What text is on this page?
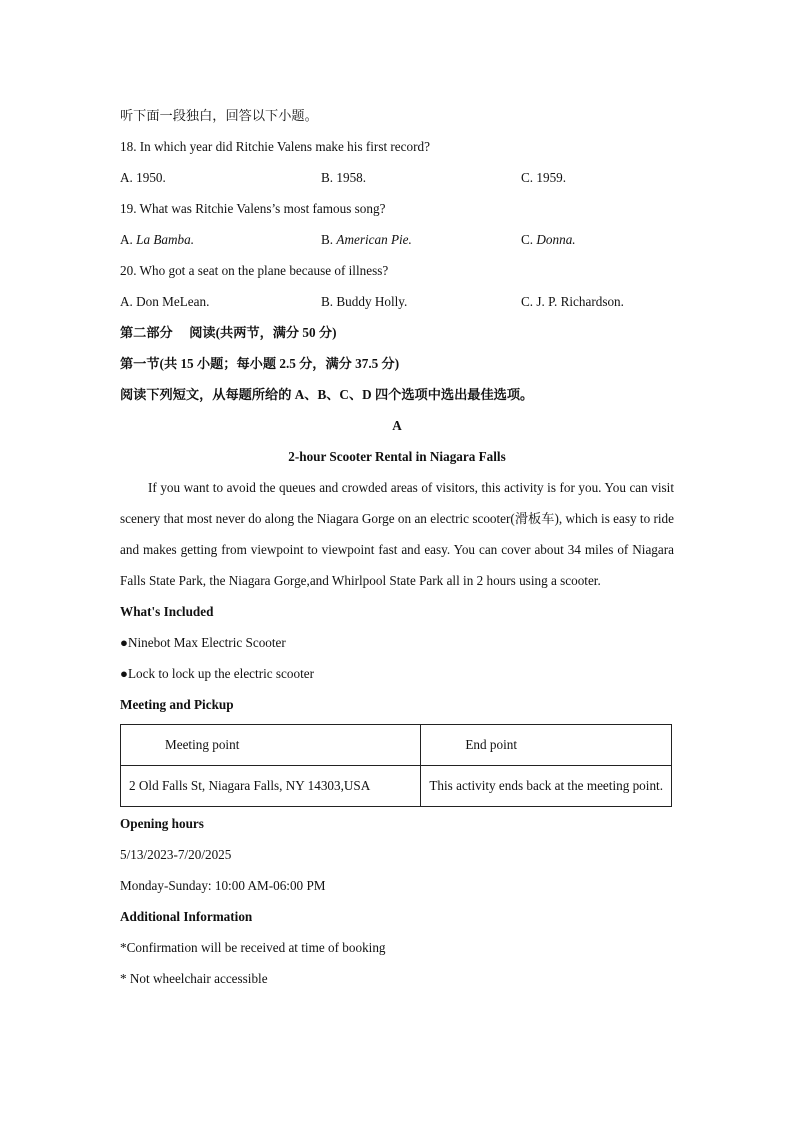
听下面一段独白，回答以下小题。

18. In which year did Ritchie Valens make his first record?

A. 1950.	B. 1958.	C. 1959.

19. What was Ritchie Valens’s most famous song?

A. La Bamba.	B. American Pie.	C. Donna.

20. Who got a seat on the plane because of illness?

A. Don MeLean.	B. Buddy Holly.	C. J. P. Richardson.

第二部分　 阅读(共两节，满分 50 分)

第一节(共 15 小题；每小题 2.5 分，满分 37.5 分)

阅读下列短文，从每题所给的 A、B、C、D 四个选项中选出最佳选项。

A

2-hour Scooter Rental in Niagara Falls

If you want to avoid the queues and crowded areas of visitors, this activity is for you. You can visit scenery that most never do along the Niagara Gorge on an electric scooter(滑板车), which is easy to ride and makes getting from viewpoint to viewpoint fast and easy. You can cover about 34 miles of Niagara Falls State Park, the Niagara Gorge,and Whirlpool State Park all in 2 hours using a scooter.

What's Included

●Ninebot Max Electric Scooter

●Lock to lock up the electric scooter

Meeting and Pickup

Meeting point	End point
2 Old Falls St, Niagara Falls, NY 14303,USA	This activity ends back at the meeting point.

Opening hours

5/13/2023-7/20/2025

Monday-Sunday: 10:00 AM-06:00 PM

Additional Information

*Confirmation will be received at time of booking

* Not wheelchair accessible
